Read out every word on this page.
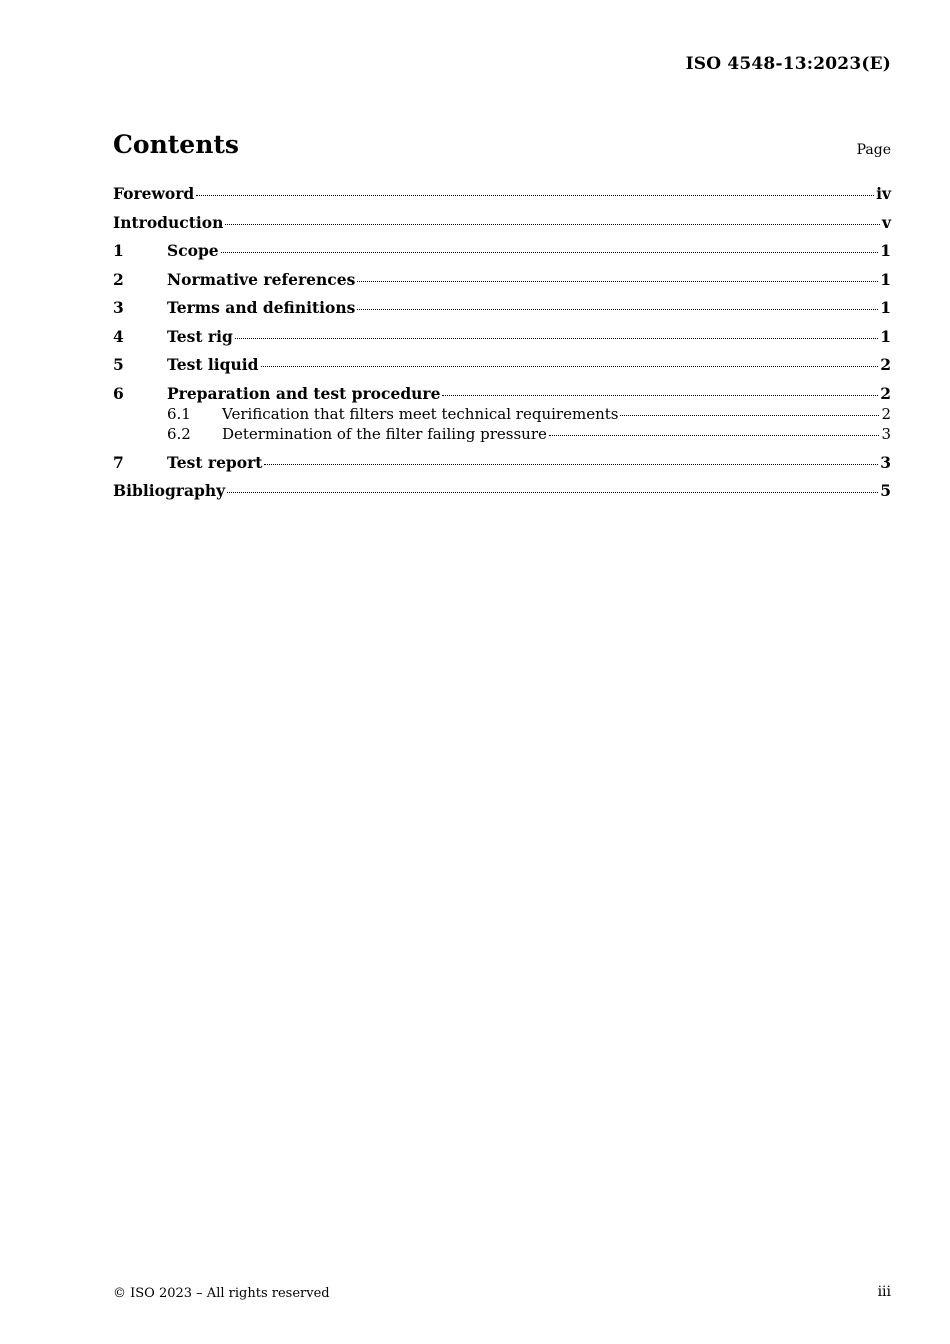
ISO 4548-13:2023(E)
Contents	Page
Foreword	iv
Introduction	v
1	Scope	1
2	Normative references	1
3	Terms and definitions	1
4	Test rig	1
5	Test liquid	2
6	Preparation and test procedure	2
6.1	Verification that filters meet technical requirements	2
6.2	Determination of the filter failing pressure	3
7	Test report	3
Bibliography	5
© ISO 2023 – All rights reserved	iii
